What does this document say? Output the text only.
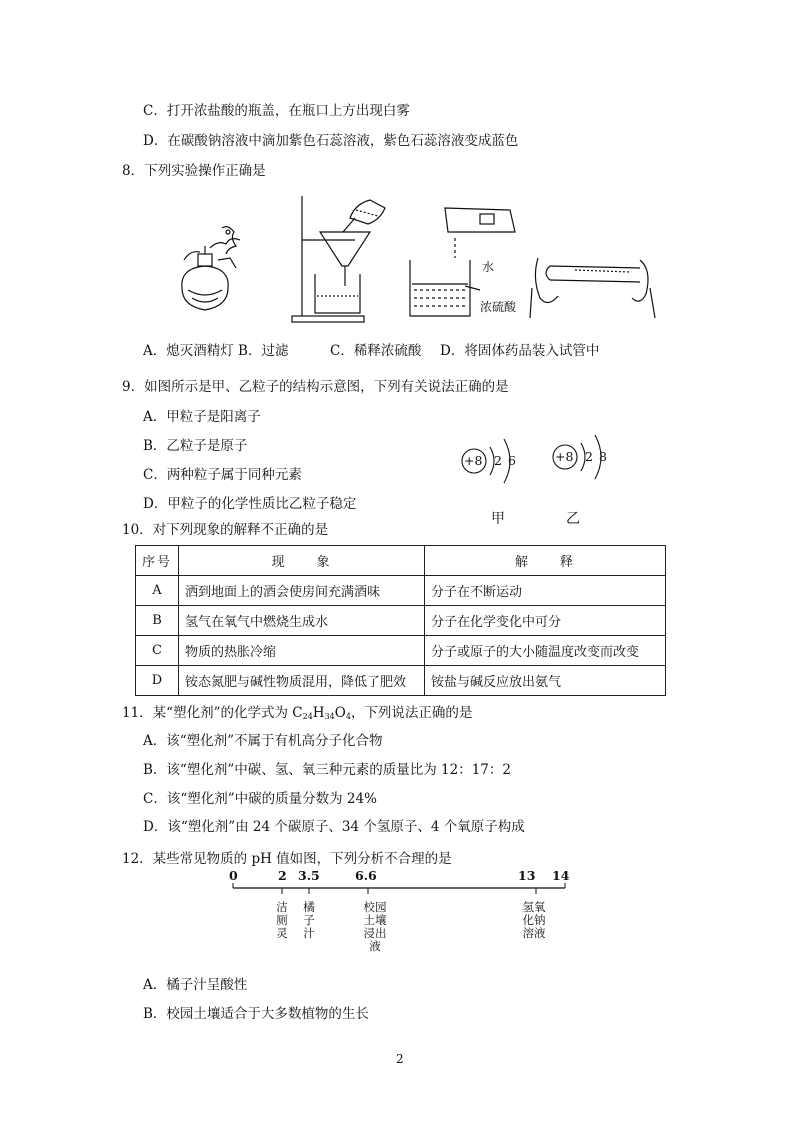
C．打开浓盐酸的瓶盖，在瓶口上方出现白雾
D．在碳酸钠溶液中滴加紫色石蕊溶液，紫色石蕊溶液变成蓝色
8．下列实验操作正确是
水
浓硫酸
A．熄灭酒精灯 B．过滤	C．稀释浓硫酸 D．将固体药品装入试管中
9．如图所示是甲、乙粒子的结构示意图，下列有关说法正确的是
A．甲粒子是阳离子
B．乙粒子是原子
C．两种粒子属于同种元素
D．甲粒子的化学性质比乙粒子稳定
+8 2 6	+8 2 8
甲	乙
10．对下列现象的解释不正确的是
序号	现　　象	解　　释
A	洒到地面上的酒会使房间充满酒味	分子在不断运动
B	氢气在氧气中燃烧生成水	分子在化学变化中可分
C	物质的热胀冷缩	分子或原子的大小随温度改变而改变
D	铵态氮肥与碱性物质混用，降低了肥效	铵盐与碱反应放出氨气
11．某“塑化剂”的化学式为 $C_{24}H_{34}O_4$，下列说法正确的是
A．该“塑化剂”不属于有机高分子化合物
B．该“塑化剂”中碳、氢、氧三种元素的质量比为 12：17：2
C．该“塑化剂”中碳的质量分数为 24%
D．该“塑化剂”由 24 个碳原子、34 个氢原子、4 个氧原子构成
12．某些常见物质的 pH 值如图，下列分析不合理的是
0	2 3.5	6.6	13 14
洁厕灵
橘子汁
校园土壤浸出液
氢氧化钠溶液
A．橘子汁呈酸性
B．校园土壤适合于大多数植物的生长
2
